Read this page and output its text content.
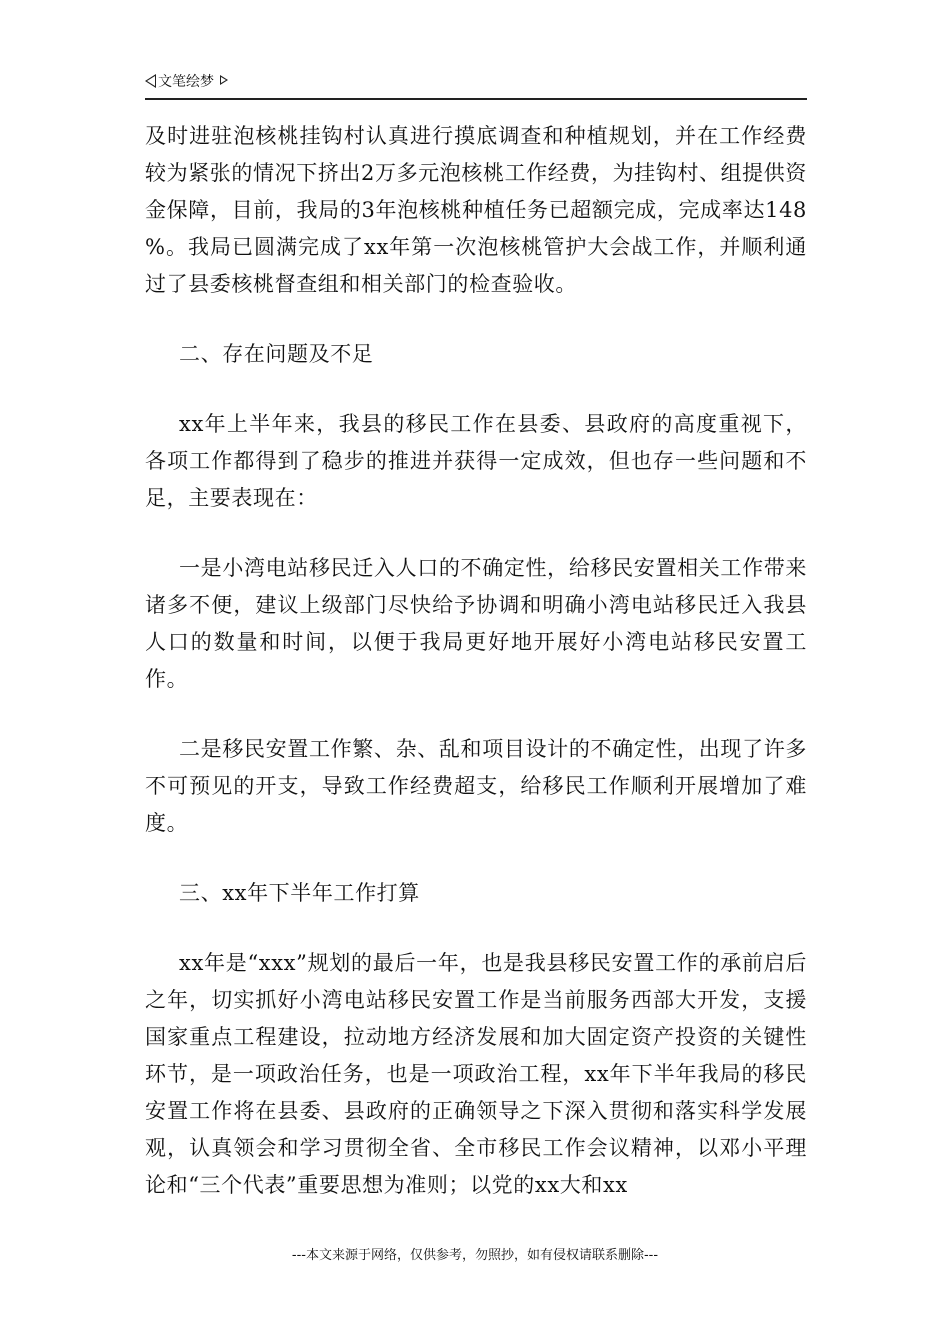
文笔绘梦

及时进驻泡核桃挂钩村认真进行摸底调查和种植规划，并在工作经费较为紧张的情况下挤出2万多元泡核桃工作经费，为挂钩村、组提供资金保障，目前，我局的3年泡核桃种植任务已超额完成，完成率达148 %。我局已圆满完成了xx年第一次泡核桃管护大会战工作，并顺利通过了县委核桃督查组和相关部门的检查验收。

二、存在问题及不足

xx年上半年来，我县的移民工作在县委、县政府的高度重视下，各项工作都得到了稳步的推进并获得一定成效，但也存一些问题和不足，主要表现在：

一是小湾电站移民迁入人口的不确定性，给移民安置相关工作带来诸多不便，建议上级部门尽快给予协调和明确小湾电站移民迁入我县人口的数量和时间，以便于我局更好地开展好小湾电站移民安置工作。

二是移民安置工作繁、杂、乱和项目设计的不确定性，出现了许多不可预见的开支，导致工作经费超支，给移民工作顺利开展增加了难度。

三、xx年下半年工作打算

xx年是“xxx”规划的最后一年，也是我县移民安置工作的承前启后之年，切实抓好小湾电站移民安置工作是当前服务西部大开发，支援国家重点工程建设，拉动地方经济发展和加大固定资产投资的关键性环节，是一项政治任务，也是一项政治工程，xx年下半年我局的移民安置工作将在县委、县政府的正确领导之下深入贯彻和落实科学发展观，认真领会和学习贯彻全省、全市移民工作会议精神，以邓小平理论和“三个代表”重要思想为准则；以党的xx大和xx

---本文来源于网络，仅供参考，勿照抄，如有侵权请联系删除---
